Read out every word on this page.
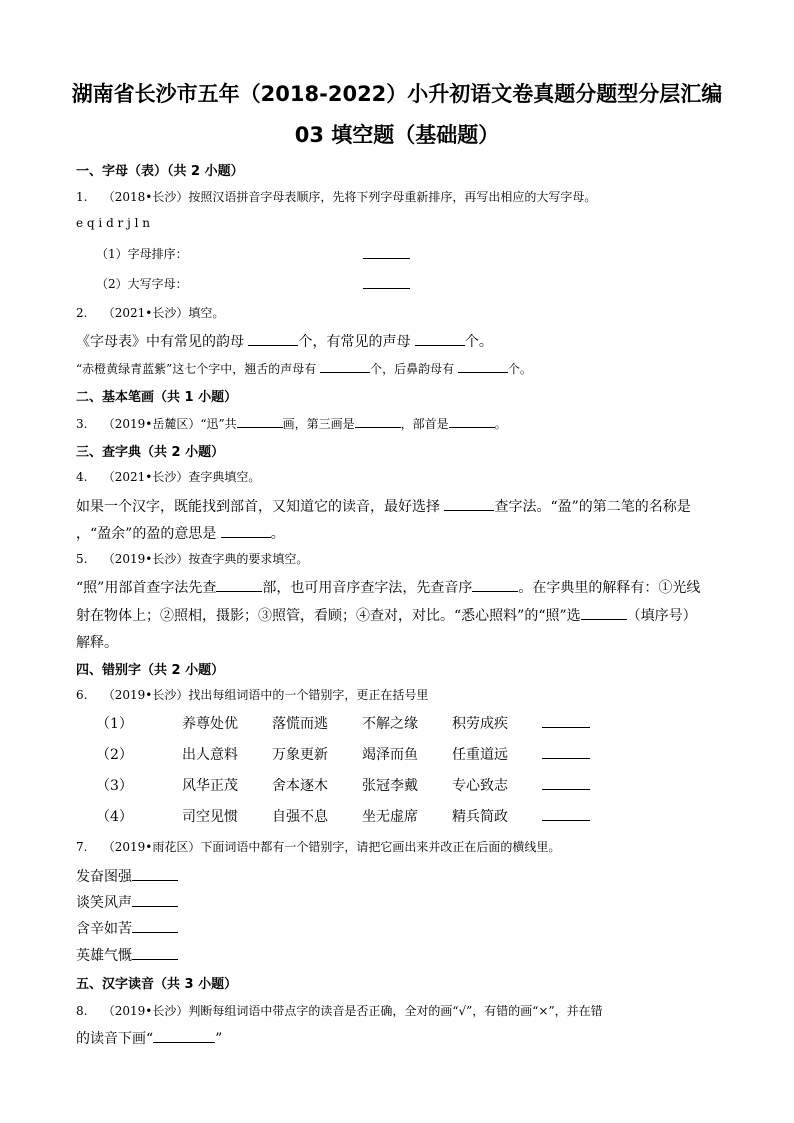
湖南省长沙市五年（2018-2022）小升初语文卷真题分题型分层汇编
03 填空题（基础题）
一、字母（表）（共 2 小题）
1. （2018•长沙）按照汉语拼音字母表顺序，先将下列字母重新排序，再写出相应的大写字母。
e q i d r j l n
（1）字母排序：
（2）大写字母：
2. （2021•长沙）填空。
《字母表》中有常见的韵母	个，有常见的声母	个。
“赤橙黄绿青蓝紫”这七个字中，翘舌的声母有	个，后鼻韵母有	个。
二、基本笔画（共 1 小题）
3. （2019•岳麓区）“迅”共	画，第三画是	，部首是	。
三、查字典（共 2 小题）
4. （2021•长沙）查字典填空。
如果一个汉字，既能找到部首，又知道它的读音，最好选择	查字法。“盈”的第二笔的名称是
，“盈余”的盈的意思是	。
5. （2019•长沙）按查字典的要求填空。
“照”用部首查字法先查	部，也可用音序查字法，先查音序	。在字典里的解释有：①光线
射在物体上；②照相，摄影；③照管，看顾；④查对，对比。“悉心照料”的“照”选	（填序号）
解释。
四、错别字（共 2 小题）
6. （2019•长沙）找出每组词语中的一个错别字，更正在括号里
（1）	养尊处优	落慌而逃	不解之缘	积劳成疾	
（2）	出人意料	万象更新	竭泽而鱼	任重道远	
（3）	风华正茂	舍本逐木	张冠李戴	专心致志	
（4）	司空见惯	自强不息	坐无虚席	精兵简政	
7. （2019•雨花区）下面词语中都有一个错别字，请把它画出来并改正在后面的横线里。
发奋图强
谈笑风声
含辛如苦
英雄气慨
五、汉字读音（共 3 小题）
8. （2019•长沙）判断每组词语中带点字的读音是否正确，全对的画“√”，有错的画“×”，并在错
的读音下画“	”
